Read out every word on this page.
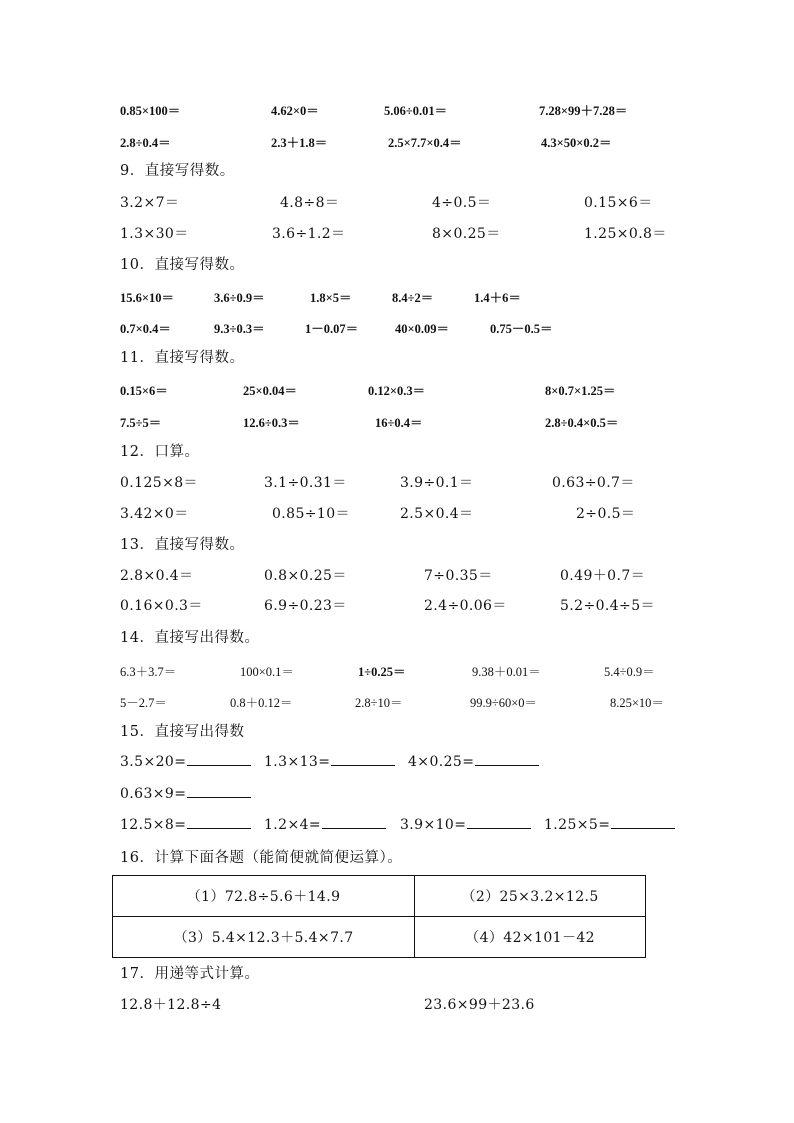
0.85×100＝	4.62×0＝	5.06÷0.01＝	7.28×99＋7.28＝
2.8÷0.4＝	2.3＋1.8＝	2.5×7.7×0.4＝	4.3×50×0.2＝
9．直接写得数。
3.2×7＝	4.8÷8＝	4÷0.5＝	0.15×6＝
1.3×30＝	3.6÷1.2＝	8×0.25＝	1.25×0.8＝
10．直接写得数。
15.6×10＝	3.6÷0.9＝	1.8×5＝	8.4÷2＝	1.4＋6＝
0.7×0.4＝	9.3÷0.3＝	1－0.07＝	40×0.09＝	0.75－0.5＝
11．直接写得数。
0.15×6＝	25×0.04＝	0.12×0.3＝	8×0.7×1.25＝
7.5÷5＝	12.6÷0.3＝	16÷0.4＝	2.8÷0.4×0.5＝
12．口算。
0.125×8＝	3.1÷0.31＝	3.9÷0.1＝	0.63÷0.7＝
3.42×0＝	0.85÷10＝	2.5×0.4＝	2÷0.5＝
13．直接写得数。
2.8×0.4＝	0.8×0.25＝	7÷0.35＝	0.49＋0.7＝
0.16×0.3＝	6.9÷0.23＝	2.4÷0.06＝	5.2÷0.4÷5＝
14．直接写出得数。
6.3＋3.7＝	100×0.1＝	1÷0.25＝	9.38＋0.01＝	5.4÷0.9＝
5－2.7＝	0.8＋0.12＝	2.8÷10＝	99.9÷60×0＝	8.25×10＝
15．直接写出得数
3.5×20=	1.3×13=	4×0.25=
0.63×9=
12.5×8=	1.2×4=	3.9×10=	1.25×5=
16．计算下面各题（能简便就简便运算）。
（1）72.8÷5.6＋14.9	（2）25×3.2×12.5
（3）5.4×12.3＋5.4×7.7	（4）42×101－42
17．用递等式计算。
12.8＋12.8÷4	23.6×99＋23.6
